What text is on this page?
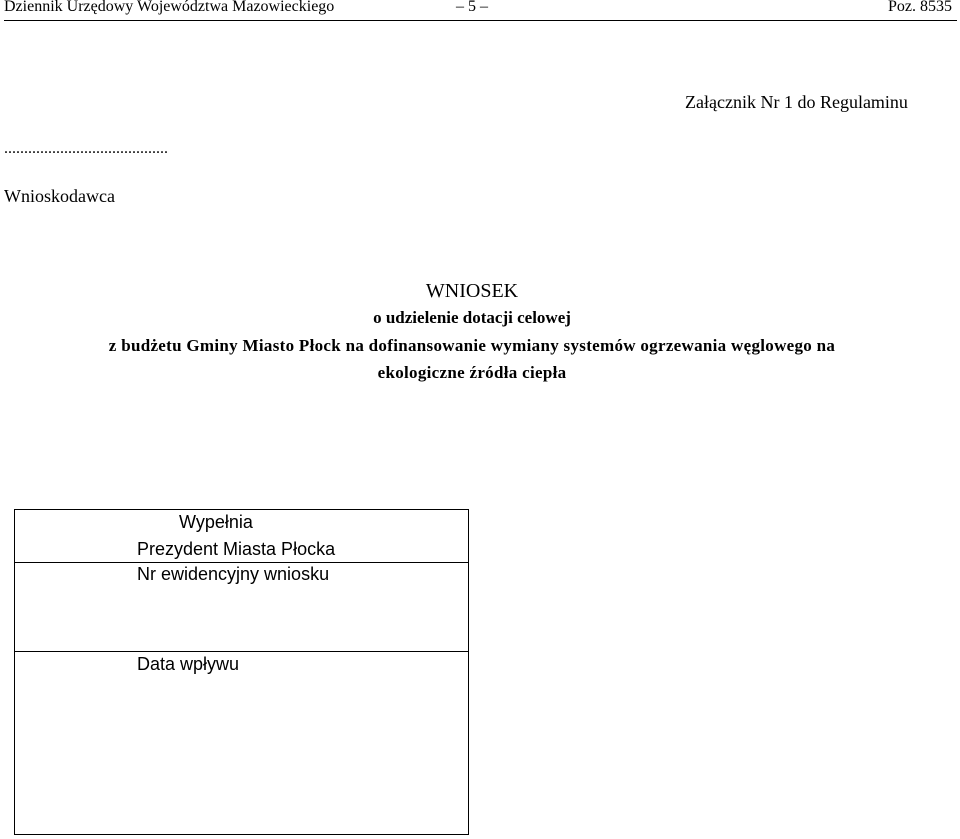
Dziennik Urzędowy Województwa Mazowieckiego	– 5 –	Poz. 8535
Załącznik Nr 1 do Regulaminu
.........................................
Wnioskodawca
WNIOSEK
o udzielenie dotacji celowej
z budżetu Gminy Miasto Płock na dofinansowanie wymiany systemów ogrzewania węglowego na
ekologiczne źródła ciepła
Wypełnia
Prezydent Miasta Płocka
Nr ewidencyjny wniosku
Data wpływu
